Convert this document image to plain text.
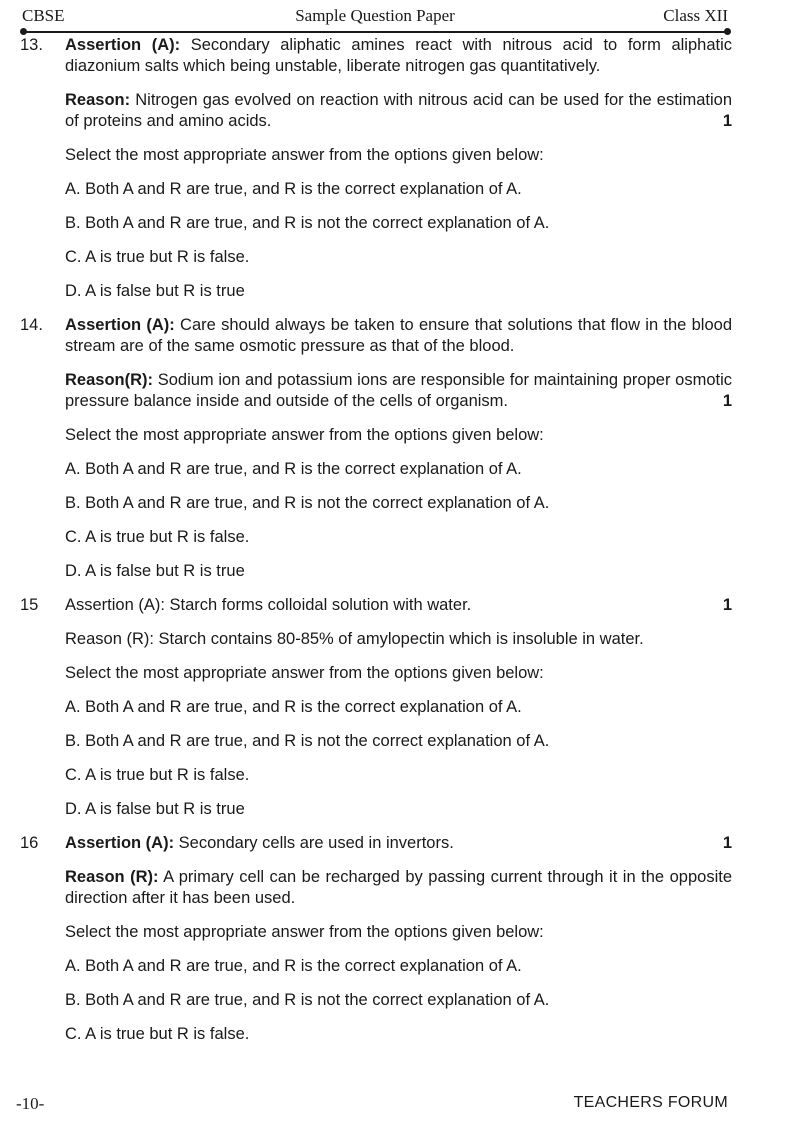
CBSE	Sample Question Paper	Class XII
13. Assertion (A): Secondary aliphatic amines react with nitrous acid to form aliphatic diazonium salts which being unstable, liberate nitrogen gas quantitatively.

Reason: Nitrogen gas evolved on reaction with nitrous acid can be used for the estimation of proteins and amino acids.	1

Select the most appropriate answer from the options given below:

A. Both A and R are true, and R is the correct explanation of A.

B. Both A and R are true, and R is not the correct explanation of A.

C. A is true but R is false.

D. A is false but R is true

14. Assertion (A): Care should always be taken to ensure that solutions that flow in the blood stream are of the same osmotic pressure as that of the blood.

Reason(R): Sodium ion and potassium ions are responsible for maintaining proper osmotic pressure balance inside and outside of the cells of organism.	1

Select the most appropriate answer from the options given below:

A. Both A and R are true, and R is the correct explanation of A.

B. Both A and R are true, and R is not the correct explanation of A.

C. A is true but R is false.

D. A is false but R is true

15 Assertion (A): Starch forms colloidal solution with water.	1

Reason (R): Starch contains 80-85% of amylopectin which is insoluble in water.

Select the most appropriate answer from the options given below:

A. Both A and R are true, and R is the correct explanation of A.

B. Both A and R are true, and R is not the correct explanation of A.

C. A is true but R is false.

D. A is false but R is true

16 Assertion (A): Secondary cells are used in invertors.	1

Reason (R): A primary cell can be recharged by passing current through it in the opposite direction after it has been used.

Select the most appropriate answer from the options given below:

A. Both A and R are true, and R is the correct explanation of A.

B. Both A and R are true, and R is not the correct explanation of A.

C. A is true but R is false.

-10-	TEACHERS FORUM
